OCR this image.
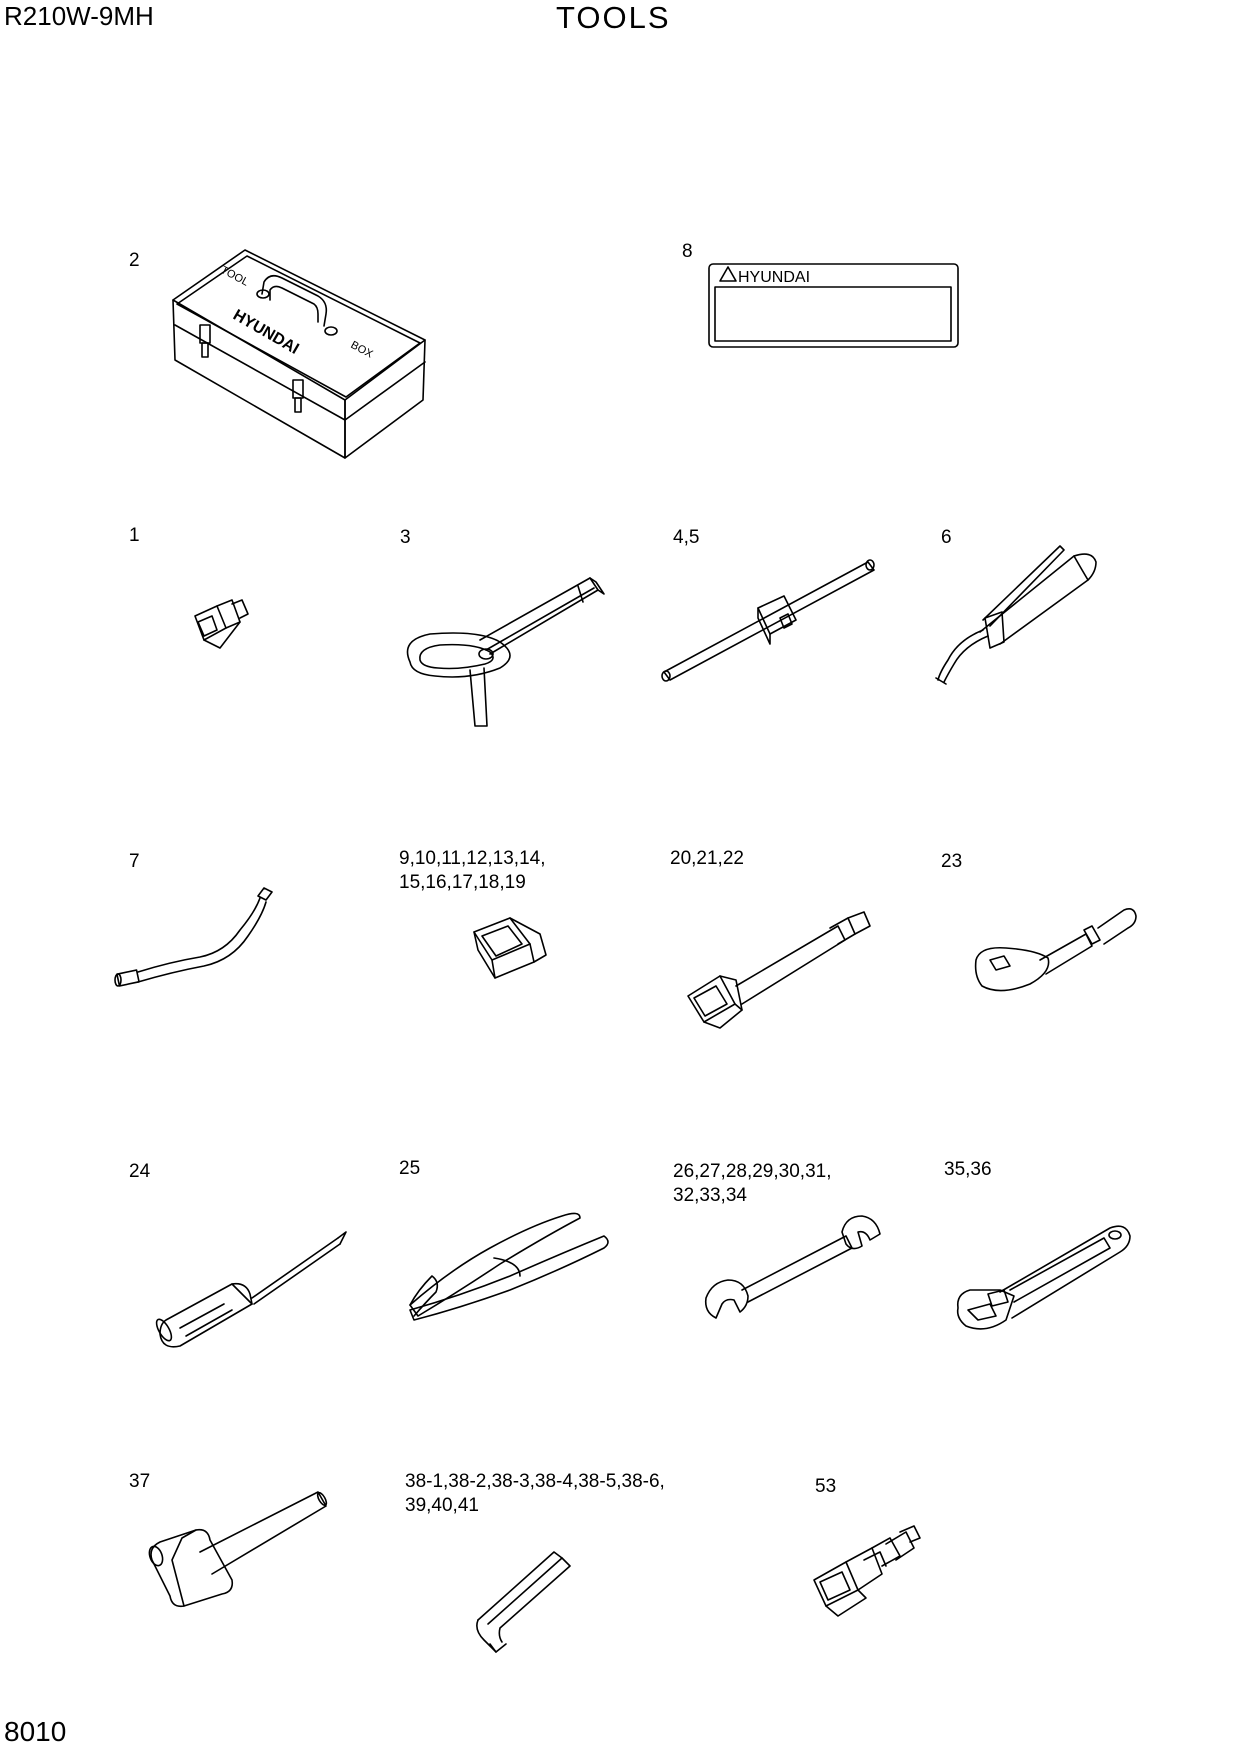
R210W-9MH	TOOLS
8010
2	8
1	3	4,5	6
7	9,10,11,12,13,14,
15,16,17,18,19
20,21,22	23
24	25	26,27,28,29,30,31,
32,33,34
35,36
37	38-1,38-2,38-3,38-4,38-5,38-6,
39,40,41
53
TOOL
BOX
HYUNDAI
HYUNDAI
